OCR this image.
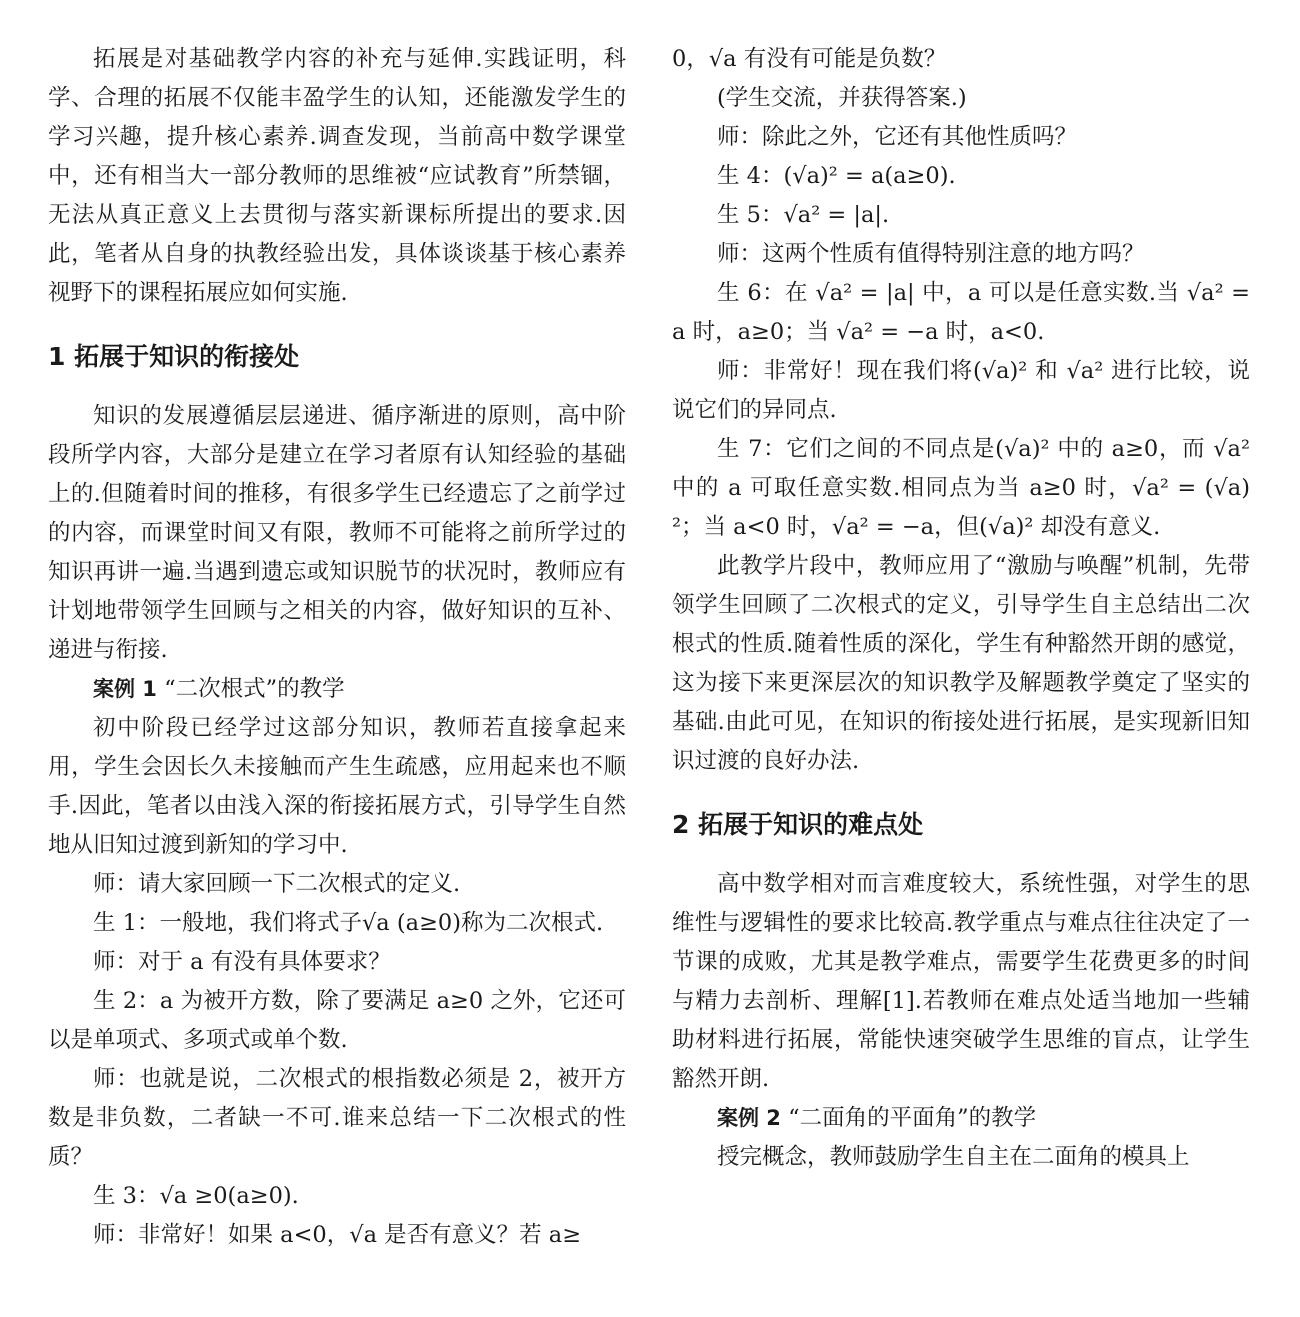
拓展是对基础教学内容的补充与延伸.实践证明，科学、合理的拓展不仅能丰盈学生的认知，还能激发学生的学习兴趣，提升核心素养.调查发现，当前高中数学课堂中，还有相当大一部分教师的思维被“应试教育”所禁锢，无法从真正意义上去贯彻与落实新课标所提出的要求.因此，笔者从自身的执教经验出发，具体谈谈基于核心素养视野下的课程拓展应如何实施.

1 拓展于知识的衔接处

知识的发展遵循层层递进、循序渐进的原则，高中阶段所学内容，大部分是建立在学习者原有认知经验的基础上的.但随着时间的推移，有很多学生已经遗忘了之前学过的内容，而课堂时间又有限，教师不可能将之前所学过的知识再讲一遍.当遇到遗忘或知识脱节的状况时，教师应有计划地带领学生回顾与之相关的内容，做好知识的互补、递进与衔接.

案例 1 “二次根式”的教学

初中阶段已经学过这部分知识，教师若直接拿起来用，学生会因长久未接触而产生生疏感，应用起来也不顺手.因此，笔者以由浅入深的衔接拓展方式，引导学生自然地从旧知过渡到新知的学习中.

师：请大家回顾一下二次根式的定义.

生 1：一般地，我们将式子√a (a≥0)称为二次根式.

师：对于 a 有没有具体要求？

生 2：a 为被开方数，除了要满足 a≥0 之外，它还可以是单项式、多项式或单个数.

师：也就是说，二次根式的根指数必须是 2，被开方数是非负数，二者缺一不可.谁来总结一下二次根式的性质？

生 3：√a ≥0(a≥0).

师：非常好！如果 a<0，√a 是否有意义？若 a≥

0，√a 有没有可能是负数？

(学生交流，并获得答案.)

师：除此之外，它还有其他性质吗？

生 4：(√a)² = a(a≥0).

生 5：√a² = |a|.

师：这两个性质有值得特别注意的地方吗？

生 6：在 √a² = |a| 中，a 可以是任意实数.当 √a² = a 时，a≥0；当 √a² = −a 时，a<0.

师：非常好！现在我们将(√a)² 和 √a² 进行比较，说说它们的异同点.

生 7：它们之间的不同点是(√a)² 中的 a≥0，而 √a² 中的 a 可取任意实数.相同点为当 a≥0 时，√a² = (√a)²；当 a<0 时，√a² = −a，但(√a)² 却没有意义.

此教学片段中，教师应用了“激励与唤醒”机制，先带领学生回顾了二次根式的定义，引导学生自主总结出二次根式的性质.随着性质的深化，学生有种豁然开朗的感觉，这为接下来更深层次的知识教学及解题教学奠定了坚实的基础.由此可见，在知识的衔接处进行拓展，是实现新旧知识过渡的良好办法.

2 拓展于知识的难点处

高中数学相对而言难度较大，系统性强，对学生的思维性与逻辑性的要求比较高.教学重点与难点往往决定了一节课的成败，尤其是教学难点，需要学生花费更多的时间与精力去剖析、理解[1].若教师在难点处适当地加一些辅助材料进行拓展，常能快速突破学生思维的盲点，让学生豁然开朗.

案例 2 “二面角的平面角”的教学

授完概念，教师鼓励学生自主在二面角的模具上
